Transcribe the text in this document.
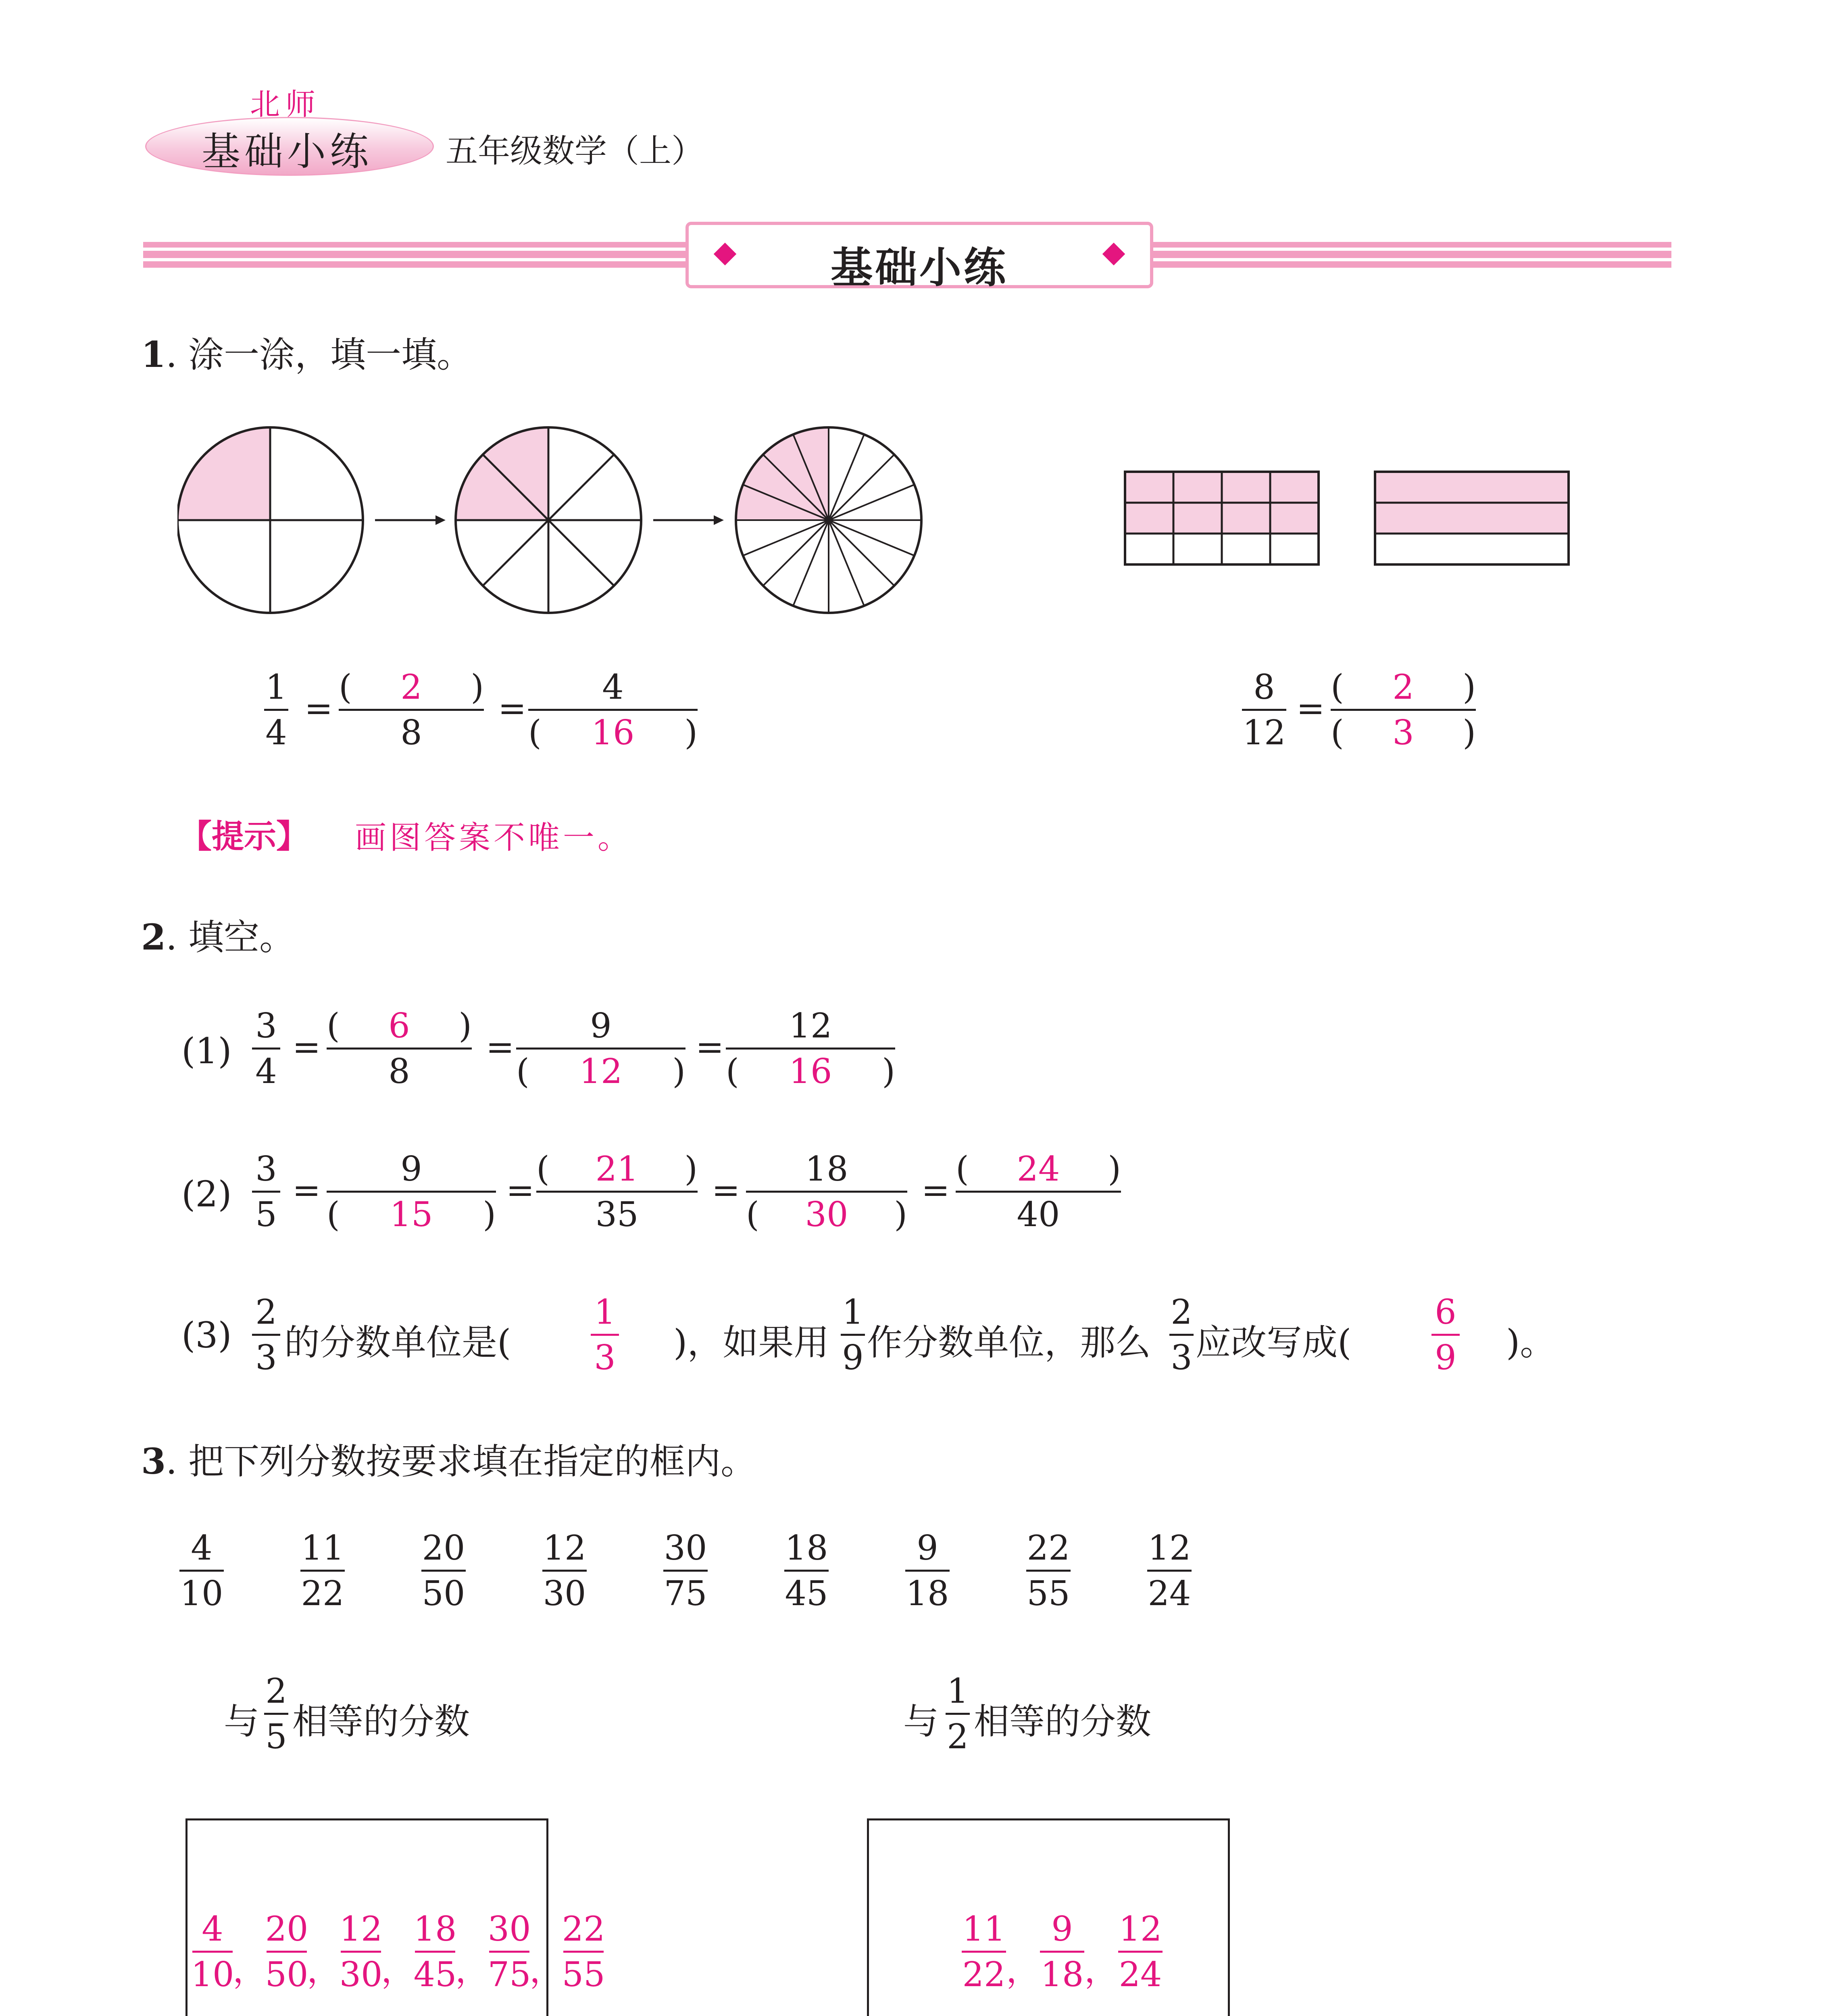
北师
基础小练 五年级数学（上）
基础小练
1. 涂一涂，填一填。
1
4
=
( 2 )
8
=
4
( 16 )
8
12
=
( 2 )
( 3 )
【提示】 画图答案不唯一。
2. 填空。
(1)
3
4
=
( 6 )
8
=
9
( 12 )
=
12
( 16 )
(2)
3
5
=
9
( 15 )
=
( 21 )
35
=
18
( 30 )
=
( 24 )
40
(3)
2
3 的分数单位是(
1
3 )，如果用
1
9 作分数单位，那么
2
3 应改写成(
6
9 )。
3. 把下列分数按要求填在指定的框内。
4
10
11
22
20
50
12
30
30
75
18
45
9
18
22
55
12
24
与
2
5 相等的分数	与
1
2 相等的分数
4
10
，
20
50
，
12
30
，
18
45
，
30
75
，
22
55
11
22 ，
9
18 ，
12
24
